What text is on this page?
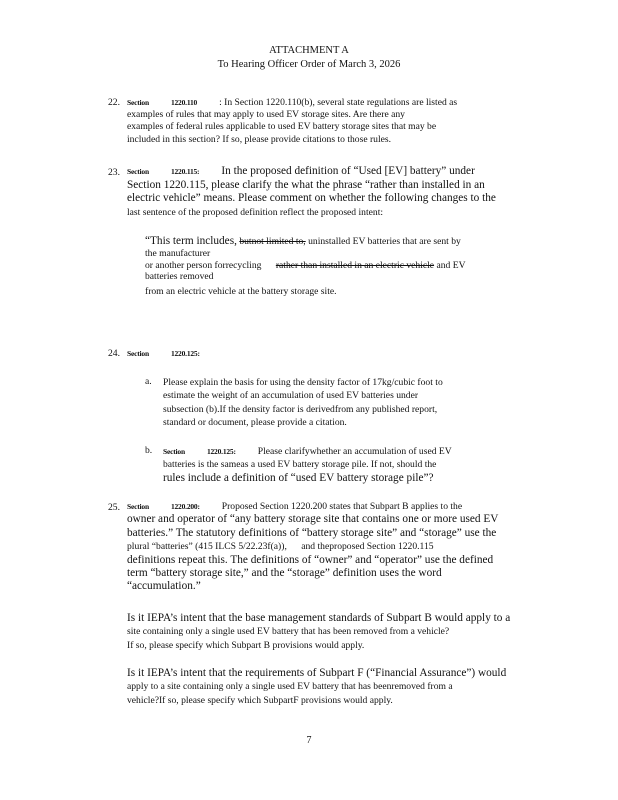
ATTACHMENT A
To Hearing Officer Order of March 3, 2026
22. Section	1220.110 : In Section 1220.110(b), several state regulations are listed as
examples of rules that may apply to used EV storage sites. Are there any
examples of federal rules applicable to used EV battery storage sites that may be
included in this section? If so, please provide citations to those rules.
23. Section	1220.115: In the proposed definition of “Used [EV] battery” under
Section 1220.115, please clarify the what the phrase “rather than installed in an
electric vehicle” means. Please comment on whether the following changes to the
last sentence of the proposed definition reflect the proposed intent:
“This term includes, butnot limited to, uninstalled EV batteries that are sent by
the manufacturer
or another person forrecycling rather than installed in an electric vehicle and EV
batteries removed
from an electric vehicle at the battery storage site.
24. Section	1220.125:
a. Please explain the basis for using the density factor of 17kg/cubic foot to
estimate the weight of an accumulation of used EV batteries under
subsection (b).If the density factor is derivedfrom any published report,
standard or document, please provide a citation.
b. Section	1220.125: Please clarifywhether an accumulation of used EV
batteries is the sameas a used EV battery storage pile. If not, should the
rules include a definition of “used EV battery storage pile”?
25. Section	1220.200: Proposed Section 1220.200 states that Subpart B applies to the
owner and operator of “any battery storage site that contains one or more used EV
batteries.” The statutory definitions of “battery storage site” and “storage” use the
plural “batteries” (415 ILCS 5/22.23f(a)), and theproposed Section 1220.115
definitions repeat this. The definitions of “owner” and “operator” use the defined
term “battery storage site,” and the “storage” definition uses the word
“accumulation.”
Is it IEPA’s intent that the base management standards of Subpart B would apply to a
site containing only a single used EV battery that has been removed from a vehicle?
If so, please specify which Subpart B provisions would apply.
Is it IEPA’s intent that the requirements of Subpart F (“Financial Assurance”) would
apply to a site containing only a single used EV battery that has beenremoved from a
vehicle?If so, please specify which SubpartF provisions would apply.
7
